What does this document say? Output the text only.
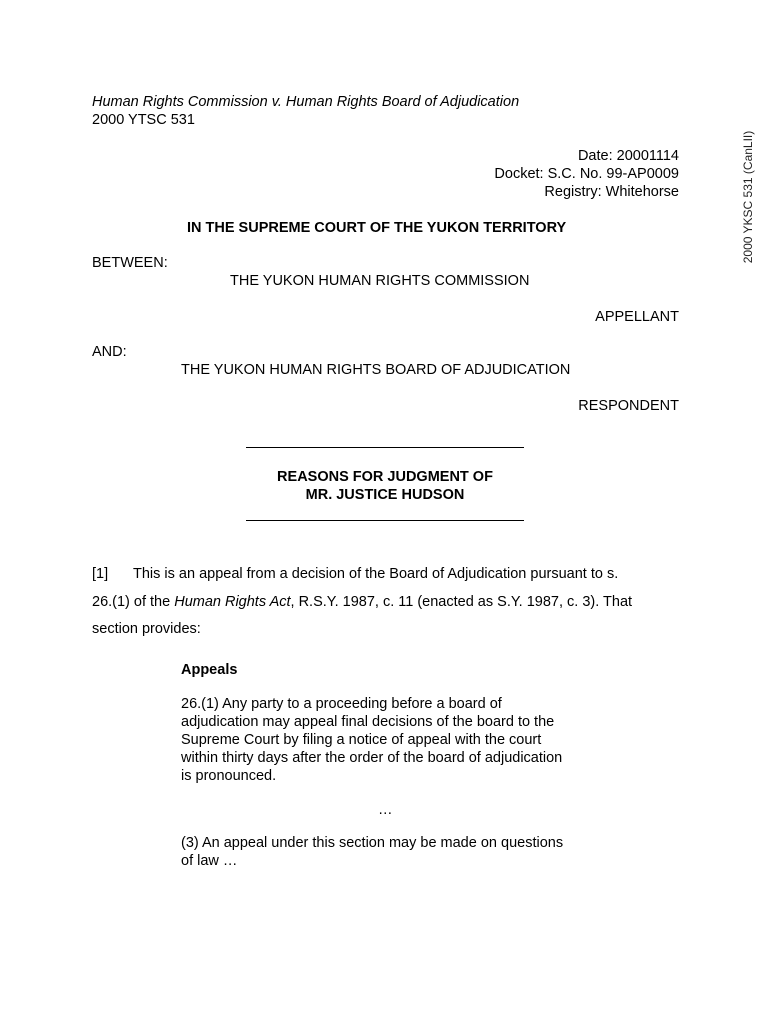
Human Rights Commission v. Human Rights Board of Adjudication
2000 YTSC 531
Date: 20001114
Docket: S.C. No. 99-AP0009
Registry: Whitehorse	2000 YKSC 531 (CanLII)
IN THE SUPREME COURT OF THE YUKON TERRITORY
BETWEEN:
THE YUKON HUMAN RIGHTS COMMISSION
APPELLANT
AND:
THE YUKON HUMAN RIGHTS BOARD OF ADJUDICATION
RESPONDENT
REASONS FOR JUDGMENT OF
MR. JUSTICE HUDSON
[1] This is an appeal from a decision of the Board of Adjudication pursuant to s.
26.(1) of the Human Rights Act, R.S.Y. 1987, c. 11 (enacted as S.Y. 1987, c. 3). That
section provides:
Appeals
26.(1) Any party to a proceeding before a board of
adjudication may appeal final decisions of the board to the
Supreme Court by filing a notice of appeal with the court
within thirty days after the order of the board of adjudication
is pronounced.
…
(3) An appeal under this section may be made on questions
of law …
